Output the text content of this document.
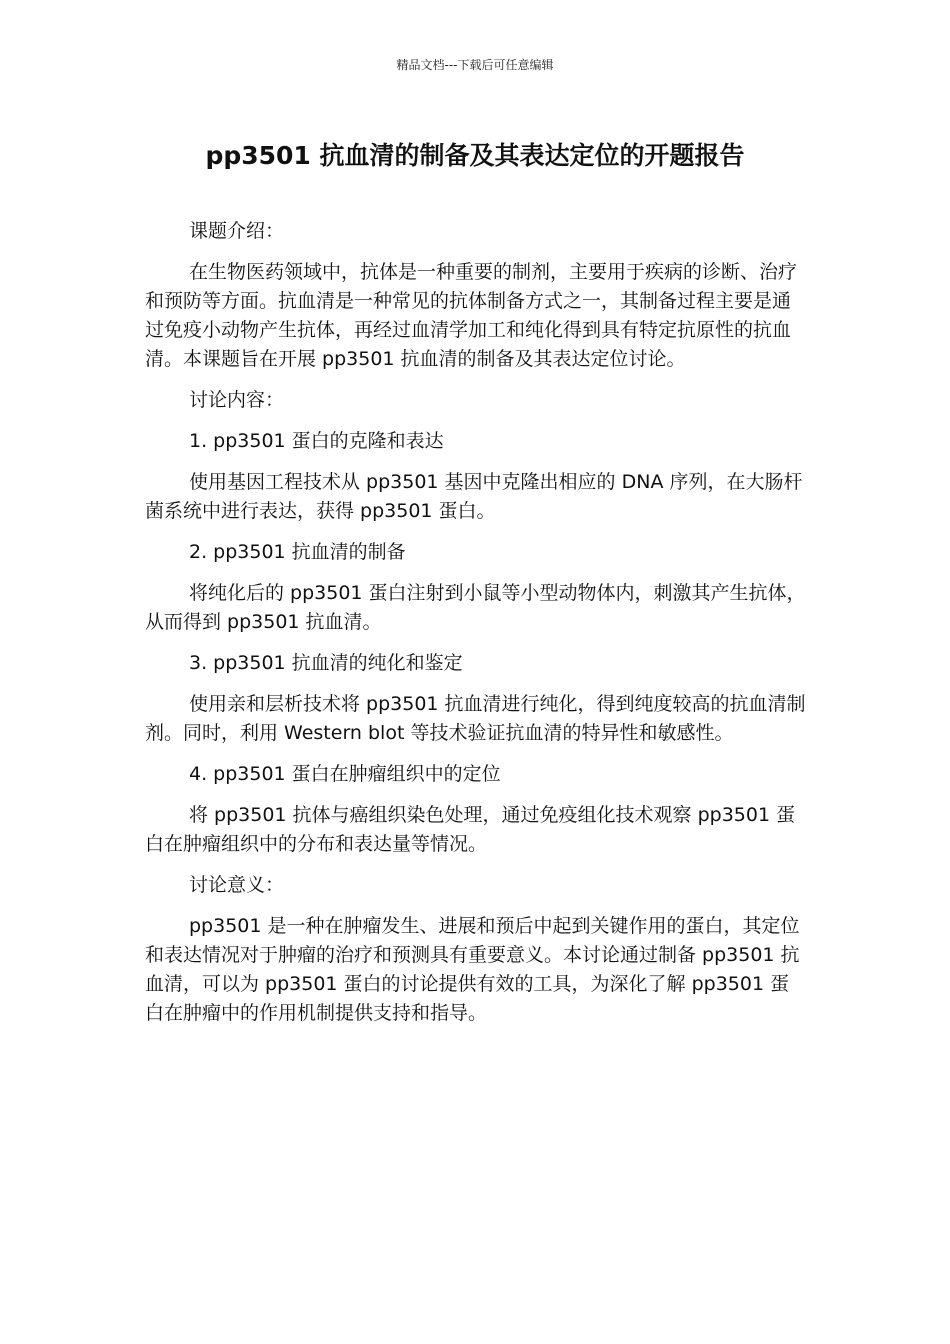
精品文档---下载后可任意编辑
pp3501 抗血清的制备及其表达定位的开题报告

课题介绍：

在生物医药领域中，抗体是一种重要的制剂，主要用于疾病的诊断、治疗和预防等方面。抗血清是一种常见的抗体制备方式之一，其制备过程主要是通过免疫小动物产生抗体，再经过血清学加工和纯化得到具有特定抗原性的抗血清。本课题旨在开展 pp3501 抗血清的制备及其表达定位讨论。

讨论内容：

1. pp3501 蛋白的克隆和表达

使用基因工程技术从 pp3501 基因中克隆出相应的 DNA 序列，在大肠杆菌系统中进行表达，获得 pp3501 蛋白。

2. pp3501 抗血清的制备

将纯化后的 pp3501 蛋白注射到小鼠等小型动物体内，刺激其产生抗体，从而得到 pp3501 抗血清。

3. pp3501 抗血清的纯化和鉴定

使用亲和层析技术将 pp3501 抗血清进行纯化，得到纯度较高的抗血清制剂。同时，利用 Western blot 等技术验证抗血清的特异性和敏感性。

4. pp3501 蛋白在肿瘤组织中的定位

将 pp3501 抗体与癌组织染色处理，通过免疫组化技术观察 pp3501 蛋白在肿瘤组织中的分布和表达量等情况。

讨论意义：

pp3501 是一种在肿瘤发生、进展和预后中起到关键作用的蛋白，其定位和表达情况对于肿瘤的治疗和预测具有重要意义。本讨论通过制备 pp3501 抗血清，可以为 pp3501 蛋白的讨论提供有效的工具，为深化了解 pp3501 蛋白在肿瘤中的作用机制提供支持和指导。
